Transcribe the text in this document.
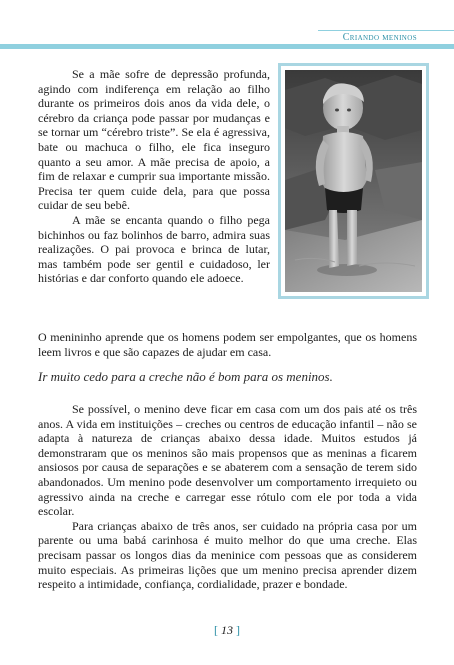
Criando meninos

Se a mãe sofre de depressão profunda, agindo com indiferença em relação ao filho durante os primeiros dois anos da vida dele, o cérebro da criança pode passar por mudanças e se tornar um “cérebro triste”. Se ela é agressiva, bate ou machuca o filho, ele fica inseguro quanto a seu amor. A mãe precisa de apoio, a fim de relaxar e cumprir sua importante missão. Precisa ter quem cuide dela, para que possa cuidar de seu bebê.

A mãe se encanta quando o filho pega bichinhos ou faz bolinhos de barro, admira suas realizações. O pai provoca e brinca de lutar, mas também pode ser gentil e cuidadoso, ler histórias e dar conforto quando ele adoece.

O menininho aprende que os homens podem ser empolgantes, que os homens leem livros e que são capazes de ajudar em casa.

Ir muito cedo para a creche não é bom para os meninos.

Se possível, o menino deve ficar em casa com um dos pais até os três anos. A vida em instituições – creches ou centros de educação infantil – não se adapta à natureza de crianças abaixo dessa idade. Muitos estudos já demonstraram que os meninos são mais propensos que as meninas a ficarem ansiosos por causa de separações e se abaterem com a sensação de terem sido abandonados. Um menino pode desenvolver um comportamento irrequieto ou agressivo ainda na creche e carregar esse rótulo com ele por toda a vida escolar.

Para crianças abaixo de três anos, ser cuidado na própria casa por um parente ou uma babá carinhosa é muito melhor do que uma creche. Elas precisam passar os longos dias da meninice com pessoas que as considerem muito especiais. As primeiras lições que um menino precisa aprender dizem respeito a intimidade, confiança, cordialidade, prazer e bondade.

[ 13 ]
